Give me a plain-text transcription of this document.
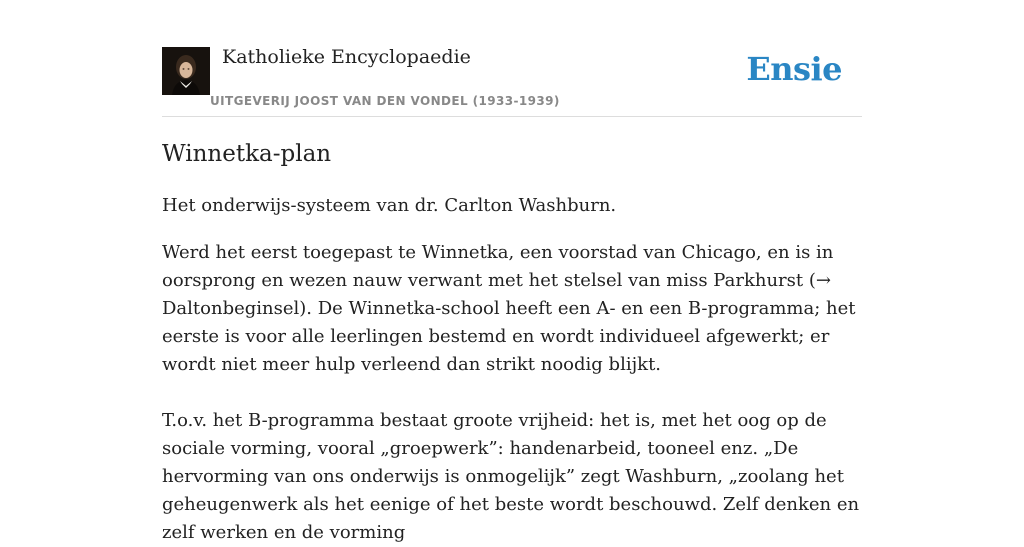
Katholieke Encyclopaedie
UITGEVERIJ JOOST VAN DEN VONDEL (1933-1939)
Ensie
Winnetka-plan

Het onderwijs-systeem van dr. Carlton Washburn.

Werd het eerst toegepast te Winnetka, een voorstad van Chicago, en is in oorsprong en wezen nauw verwant met het stelsel van miss Parkhurst (→ Daltonbeginsel). De Winnetka-school heeft een A- en een B-programma; het eerste is voor alle leerlingen bestemd en wordt individueel afgewerkt; er wordt niet meer hulp verleend dan strikt noodig blijkt.

T.o.v. het B-programma bestaat groote vrijheid: het is, met het oog op de sociale vorming, vooral „groepwerk”: handenarbeid, tooneel enz. „De hervorming van ons onderwijs is onmogelijk” zegt Washburn, „zoolang het geheugenwerk als het eenige of het beste wordt beschouwd. Zelf denken en zelf werken en de vorming
